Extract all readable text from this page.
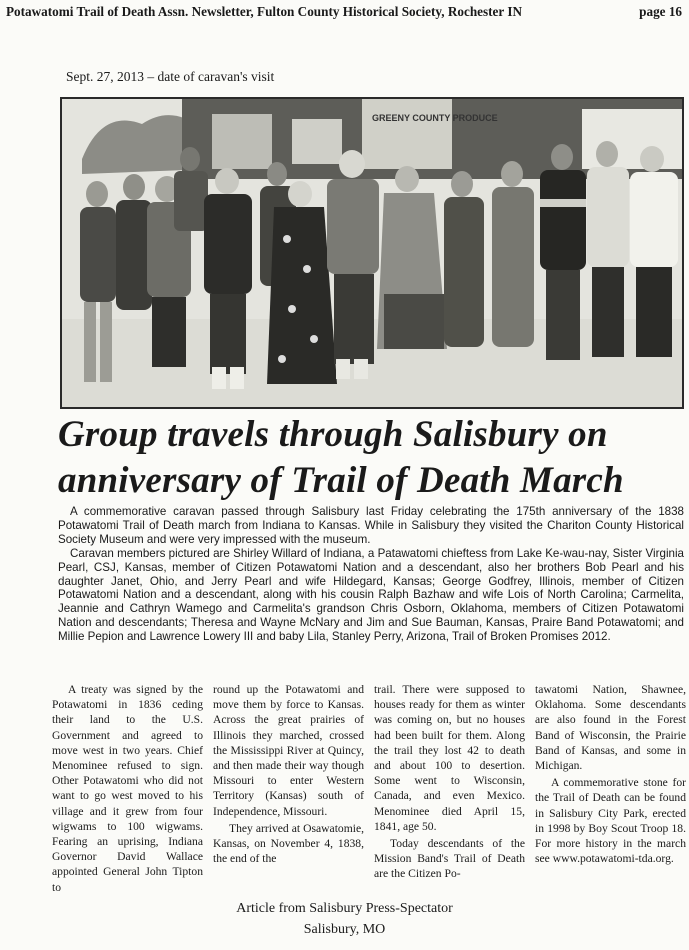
Potawatomi Trail of Death Assn. Newsletter, Fulton County Historical Society, Rochester IN	page 16
Sept. 27, 2013 – date of caravan's visit
GREENY COUNTY PRODUCE
Group travels through Salisbury on
anniversary of Trail of Death March

A commemorative caravan passed through Salisbury last Friday celebrating the 175th anniversary of the 1838 Potawatomi Trail of Death march from Indiana to Kansas. While in Salisbury they visited the Chariton County Historical Society Museum and were very impressed with the museum.

Caravan members pictured are Shirley Willard of Indiana, a Patawatomi chieftess from Lake Ke-wau-nay, Sister Virginia Pearl, CSJ, Kansas, member of Citizen Potawatomi Nation and a descendant, also her brothers Bob Pearl and his daughter Janet, Ohio, and Jerry Pearl and wife Hildegard, Kansas; George Godfrey, Illinois, member of Citizen Potawatomi Nation and a descendant, along with his cousin Ralph Bazhaw and wife Lois of North Carolina; Carmelita, Jeannie and Cathryn Wamego and Carmelita's grandson Chris Osborn, Oklahoma, members of Citizen Potawatomi Nation and descendants; Theresa and Wayne McNary and Jim and Sue Bauman, Kansas, Praire Band Potawatomi; and Millie Pepion and Lawrence Lowery III and baby Lila, Stanley Perry, Arizona, Trail of Broken Promises 2012.

A treaty was signed by the Potawatomi in 1836 ceding their land to the U.S. Government and agreed to move west in two years. Chief Menominee refused to sign. Other Potawatomi who did not want to go west moved to his village and it grew from four wigwams to 100 wigwams. Fearing an uprising, Indiana Governor David Wallace appointed General John Tipton to

round up the Potawatomi and move them by force to Kansas. Across the great prairies of Illinois they marched, crossed the Mississippi River at Quincy, and then made their way though Missouri to enter Western Territory (Kansas) south of Independence, Missouri.

They arrived at Osawatomie, Kansas, on November 4, 1838, the end of the

trail. There were supposed to houses ready for them as winter was coming on, but no houses had been built for them. Along the trail they lost 42 to death and about 100 to desertion. Some went to Wisconsin, Canada, and even Mexico. Menominee died April 15, 1841, age 50.

Today descendants of the Mission Band's Trail of Death are the Citizen Po-

tawatomi Nation, Shawnee, Oklahoma. Some descendants are also found in the Forest Band of Wisconsin, the Prairie Band of Kansas, and some in Michigan.

A commemorative stone for the Trail of Death can be found in Salisbury City Park, erected in 1998 by Boy Scout Troop 18. For more history in the march see www.potawatomi-tda.org.

Article from Salisbury Press-Spectator
Salisbury, MO
